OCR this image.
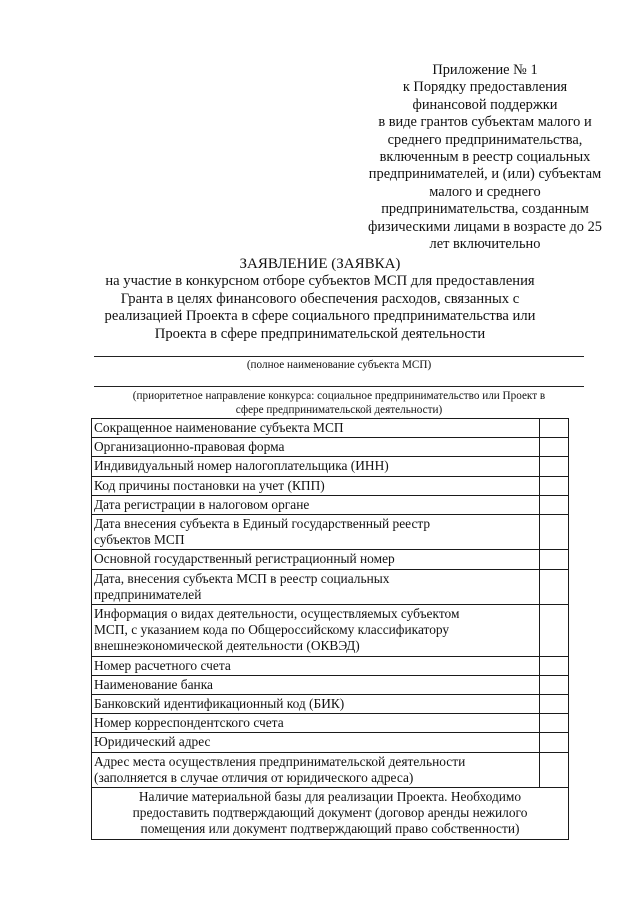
Приложение № 1
к Порядку предоставления
финансовой поддержки
в виде грантов субъектам малого и
среднего предпринимательства,
включенным в реестр социальных
предпринимателей, и (или) субъектам
малого и среднего
предпринимательства, созданным
физическими лицами в возрасте до 25
лет включительно
ЗАЯВЛЕНИЕ (ЗАЯВКА)
на участие в конкурсном отборе субъектов МСП для предоставления
Гранта в целях финансового обеспечения расходов, связанных с
реализацией Проекта в сфере социального предпринимательства или
Проекта в сфере предпринимательской деятельности
(полное наименование субъекта МСП)
(приоритетное направление конкурса: социальное предпринимательство или Проект в
сфере предпринимательской деятельности)
Сокращенное наименование субъекта МСП	

Организационно-правовая форма	

Индивидуальный номер налогоплательщика (ИНН)	

Код причины постановки на учет (КПП)	

Дата регистрации в налоговом органе	

Дата внесения субъекта в Единый государственный реестр
субъектов МСП	

Основной государственный регистрационный номер	

Дата, внесения субъекта МСП в реестр социальных
предпринимателей	

Информация о видах деятельности, осуществляемых субъектом
МСП, с указанием кода по Общероссийскому классификатору
внешнеэкономической деятельности (ОКВЭД)	

Номер расчетного счета	

Наименование банка	

Банковский идентификационный код (БИК)	

Номер корреспондентского счета	

Юридический адрес	

Адрес места осуществления предпринимательской деятельности
(заполняется в случае отличия от юридического адреса)	

Наличие материальной базы для реализации Проекта. Необходимо
предоставить подтверждающий документ (договор аренды нежилого
помещения или документ подтверждающий право собственности)	
